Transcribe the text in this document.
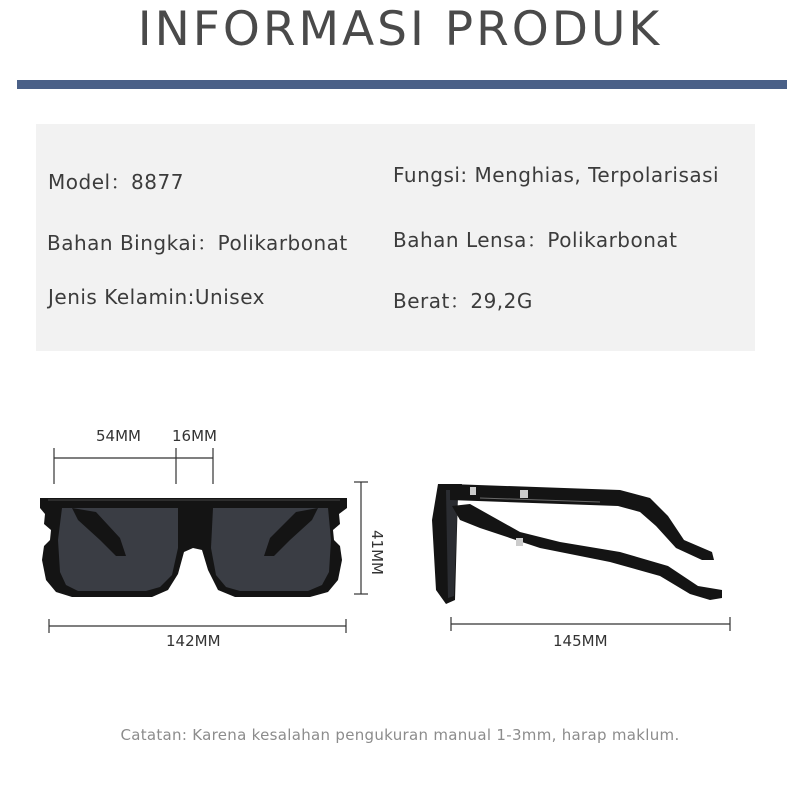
INFORMASI PRODUK
Model：8877	Fungsi: Menghias, Terpolarisasi
Bahan Bingkai：Polikarbonat Bahan Lensa：Polikarbonat
Jenis Kelamin:Unisex	Berat：29,2G
54MM 16MM
41MM
142MM	145MM
Catatan: Karena kesalahan pengukuran manual 1-3mm, harap maklum.
